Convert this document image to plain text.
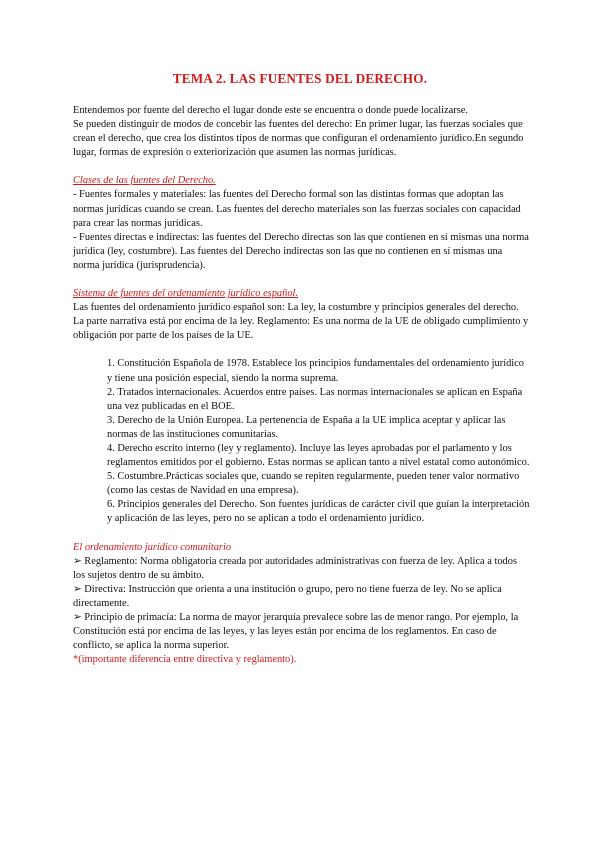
TEMA 2. LAS FUENTES DEL DERECHO.

Entendemos por fuente del derecho el lugar donde este se encuentra o donde puede localizarse.

Se pueden distinguir de modos de concebir las fuentes del derecho: En primer lugar, las fuerzas sociales que crean el derecho, que crea los distintos tipos de normas que configuran el ordenamiento jurídico.En segundo lugar, formas de expresión o exteriorización que asumen las normas jurídicas.

Clases de las fuentes del Derecho.

- Fuentes formales y materiales: las fuentes del Derecho formal son las distintas formas que adoptan las normas jurídicas cuando se crean. Las fuentes del derecho materiales son las fuerzas sociales con capacidad para crear las normas jurídicas.

- Fuentes directas e indirectas: las fuentes del Derecho directas son las que contienen en sí mismas una norma jurídica (ley, costumbre). Las fuentes del Derecho indirectas son las que no contienen en sí mismas una norma jurídica (jurisprudencia).

Sistema de fuentes del ordenamiento jurídico español.

Las fuentes del ordenamiento jurídico español son: La ley, la costumbre y principios generales del derecho. La parte narrativa está por encima de la ley. Reglamento: Es una norma de la UE de obligado cumplimiento y obligación por parte de los países de la UE.

1. Constitución Española de 1978. Establece los principios fundamentales del ordenamiento jurídico y tiene una posición especial, siendo la norma suprema.
2. Tratados internacionales. Acuerdos entre países. Las normas internacionales se aplican en España una vez publicadas en el BOE.
3. Derecho de la Unión Europea. La pertenencia de España a la UE implica aceptar y aplicar las normas de las instituciones comunitarias.
4. Derecho escrito interno (ley y reglamento). Incluye las leyes aprobadas por el parlamento y los reglamentos emitidos por el gobierno. Estas normas se aplican tanto a nivel estatal como autonómico.
5. Costumbre.Prácticas sociales que, cuando se repiten regularmente, pueden tener valor normativo (como las cestas de Navidad en una empresa).
6. Principios generales del Derecho. Son fuentes jurídicas de carácter civil que guían la interpretación y aplicación de las leyes, pero no se aplican a todo el ordenamiento jurídico.

El ordenamiento jurídico comunitario

➢ Reglamento: Norma obligatoria creada por autoridades administrativas con fuerza de ley. Aplica a todos los sujetos dentro de su ámbito.

➢ Directiva: Instrucción que orienta a una institución o grupo, pero no tiene fuerza de ley. No se aplica directamente.

➢ Principio de primacía: La norma de mayor jerarquía prevalece sobre las de menor rango. Por ejemplo, la Constitución está por encima de las leyes, y las leyes están por encima de los reglamentos. En caso de conflicto, se aplica la norma superior.

*(importante diferencia entre directiva y reglamento).
